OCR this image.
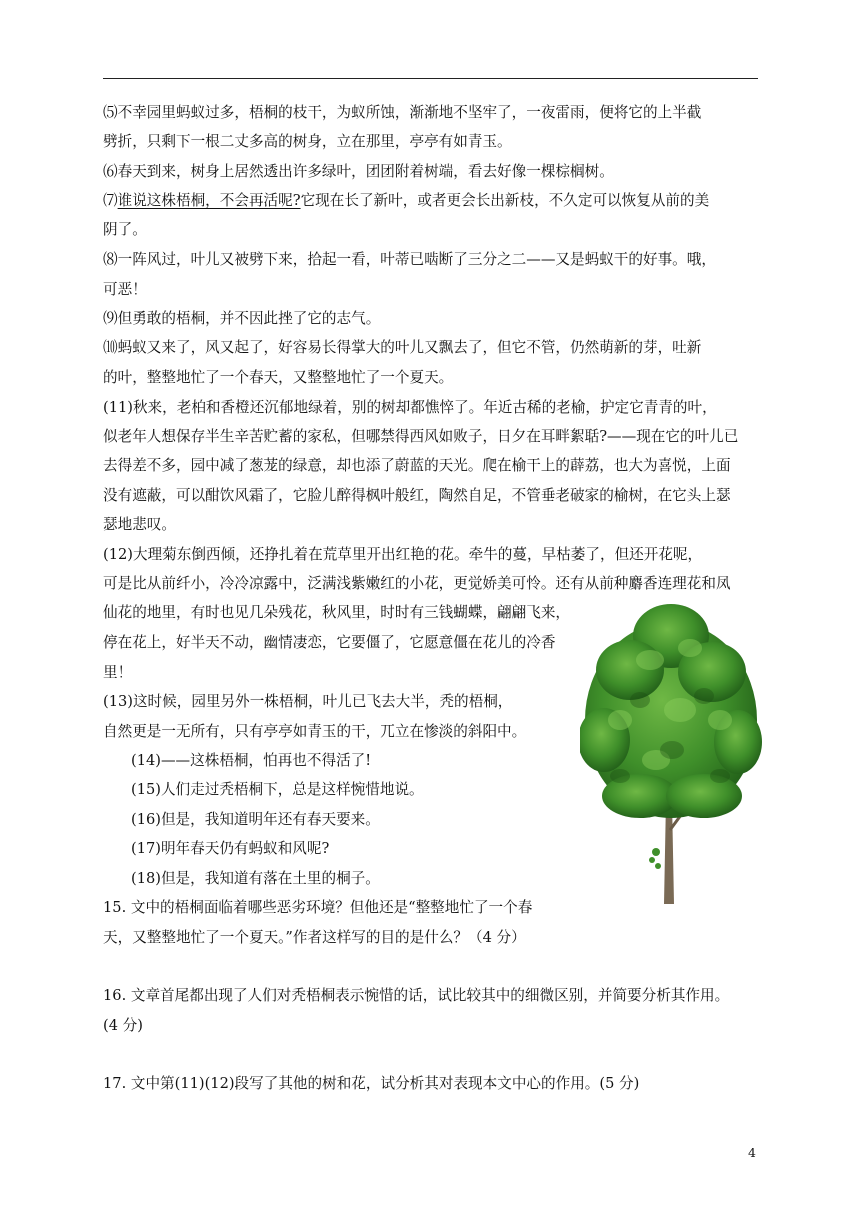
⑸不幸园里蚂蚁过多，梧桐的枝干，为蚁所蚀，渐渐地不坚牢了，一夜雷雨，便将它的上半截
劈折，只剩下一根二丈多高的树身，立在那里，亭亭有如青玉。
⑹春天到来，树身上居然透出许多绿叶，团团附着树端，看去好像一棵棕榈树。
⑺谁说这株梧桐，不会再活呢?它现在长了新叶，或者更会长出新枝，不久定可以恢复从前的美
阴了。
⑻一阵风过，叶儿又被劈下来，拾起一看，叶蒂已啮断了三分之二——又是蚂蚁干的好事。哦，
可恶！
⑼但勇敢的梧桐，并不因此挫了它的志气。
⑽蚂蚁又来了，风又起了，好容易长得掌大的叶儿又飘去了，但它不管，仍然萌新的芽，吐新
的叶，整整地忙了一个春天，又整整地忙了一个夏天。
(11)秋来，老柏和香橙还沉郁地绿着，别的树却都憔悴了。年近古稀的老榆，护定它青青的叶，
似老年人想保存半生辛苦贮蓄的家私，但哪禁得西风如败子，日夕在耳畔絮聒?——现在它的叶儿已
去得差不多，园中减了葱茏的绿意，却也添了蔚蓝的天光。爬在榆干上的薜荔，也大为喜悦，上面
没有遮蔽，可以酣饮风霜了，它脸儿醉得枫叶般红，陶然自足，不管垂老破家的榆树，在它头上瑟
瑟地悲叹。
(12)大理菊东倒西倾，还挣扎着在荒草里开出红艳的花。牵牛的蔓，早枯萎了，但还开花呢，
可是比从前纤小，冷冷凉露中，泛满浅紫嫩红的小花，更觉娇美可怜。还有从前种麝香连理花和凤
仙花的地里，有时也见几朵残花，秋风里，时时有三钱蝴蝶，翩翩飞来，
停在花上，好半天不动，幽情凄恋，它要僵了，它愿意僵在花儿的冷香
里！
(13)这时候，园里另外一株梧桐，叶儿已飞去大半，秃的梧桐，
自然更是一无所有，只有亭亭如青玉的干，兀立在惨淡的斜阳中。
(14)——这株梧桐，怕再也不得活了!
(15)人们走过秃梧桐下，总是这样惋惜地说。
(16)但是，我知道明年还有春天要来。
(17)明年春天仍有蚂蚁和风呢?
(18)但是，我知道有落在土里的桐子。
15. 文中的梧桐面临着哪些恶劣环境？但他还是“整整地忙了一个春
天，又整整地忙了一个夏天。”作者这样写的目的是什么？（4 分）
16. 文章首尾都出现了人们对秃梧桐表示惋惜的话，试比较其中的细微区别，并简要分析其作用。
(4 分)
17. 文中第(11)(12)段写了其他的树和花，试分析其对表现本文中心的作用。(5 分)
4
